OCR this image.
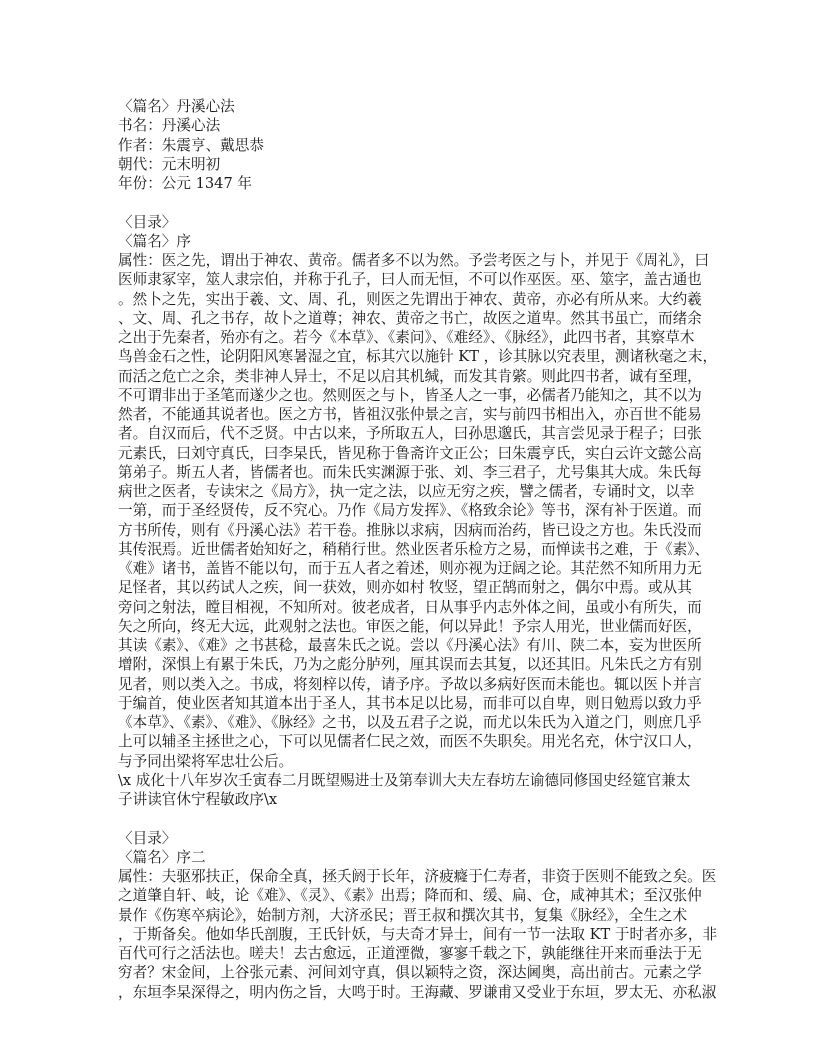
〈篇名〉丹溪心法
书名：丹溪心法
作者：朱震亨、戴思恭
朝代：元末明初
年份：公元 1347 年
〈目录〉
〈篇名〉序
属性：医之先，谓出于神农、黄帝。儒者多不以为然。予尝考医之与卜，并见于《周礼》，曰
医师隶冢宰，筮人隶宗伯，并称于孔子，曰人而无恒，不可以作巫医。巫、筮字，盖古通也
。然卜之先，实出于羲、文、周、孔，则医之先谓出于神农、黄帝，亦必有所从来。大约羲
、文、周、孔之书存，故卜之道尊；神农、黄帝之书亡，故医之道卑。然其书虽亡，而绪余
之出于先秦者，殆亦有之。若今《本草》、《素问》、《难经》、《脉经》，此四书者，其察草木
鸟兽金石之性，论阴阳风寒暑湿之宜，标其穴以施针 KT ，诊其脉以究表里，测诸秋毫之末，
而活之危亡之余，类非神人异士，不足以启其机缄，而发其肯綮。则此四书者，诚有至理，
不可谓非出于圣笔而遂少之也。然则医之与卜，皆圣人之一事，必儒者乃能知之，其不以为
然者，不能通其说者也。医之方书，皆祖汉张仲景之言，实与前四书相出入，亦百世不能易
者。自汉而后，代不乏贤。中古以来，予所取五人，曰孙思邈氏，其言尝见录于程子；曰张
元素氏，曰刘守真氏，曰李杲氏，皆见称于鲁斋许文正公；曰朱震亨氏，实白云许文懿公高
第弟子。斯五人者，皆儒者也。而朱氏实渊源于张、刘、李三君子，尤号集其大成。朱氏每
病世之医者，专读宋之《局方》，执一定之法，以应无穷之疾，譬之儒者，专诵时文，以幸
一第，而于圣经贤传，反不究心。乃作《局方发挥》、《格致余论》等书，深有补于医道。而
方书所传，则有《丹溪心法》若干卷。推脉以求病，因病而治药，皆已设之方也。朱氏没而
其传泯焉。近世儒者始知好之，稍稍行世。然业医者乐检方之易，而惮读书之难，于《素》、
《难》诸书，盖皆不能以句，而于五人者之着述，则亦视为迂阔之论。其茫然不知所用力无
足怪者，其以药试人之疾，间一获效，则亦如村 牧竖，望正鹄而射之，偶尔中焉。或从其
旁问之射法，瞠目相视，不知所对。彼老成者，日从事乎内志外体之间，虽或小有所失，而
矢之所向，终无大远，此观射之法也。审医之能，何以异此！予宗人用光，世业儒而好医，
其读《素》、《难》之书甚稔，最喜朱氏之说。尝以《丹溪心法》有川、陕二本，妄为世医所
增附，深惧上有累于朱氏，乃为之彪分胪列，厘其误而去其复，以还其旧。凡朱氏之方有别
见者，则以类入之。书成，将刻梓以传，请予序。予故以多病好医而未能也。辄以医卜并言
于编首，使业医者知其道本出于圣人，其书本足以比易，而非可以自卑，则日勉焉以致力乎
《本草》、《素》、《难》、《脉经》之书，以及五君子之说，而尤以朱氏为入道之门，则庶几乎
上可以辅圣主拯世之心，下可以见儒者仁民之效，而医不失职矣。用光名充，休宁汉口人，
与予同出梁将军忠壮公后。
\x 成化十八年岁次壬寅春二月既望赐进士及第奉训大夫左春坊左谕德同修国史经筵官兼太
子讲读官休宁程敏政序\x
〈目录〉
〈篇名〉序二
属性：夫驱邪扶正，保命全真，拯夭阏于长年，济疲癃于仁寿者，非资于医则不能致之矣。医
之道肇自轩、岐，论《难》、《灵》、《素》出焉；降而和、缓、扁、仓，咸神其术；至汉张仲
景作《伤寒卒病论》，始制方剂，大济丞民；晋王叔和撰次其书，复集《脉经》，全生之术
，于斯备矣。他如华氏剖腹，王氏针妖，与夫奇才异士，间有一节一法取 KT 于时者亦多，非
百代可行之活法也。嗟夫！去古愈远，正道湮微，寥寥千载之下，孰能继往开来而垂法于无
穷者？宋金间，上谷张元素、河间刘守真，俱以颖特之资，深达阃奥，高出前古。元素之学
，东垣李杲深得之，明内伤之旨，大鸣于时。王海藏、罗谦甫又受业于东垣，罗太无、亦私淑
